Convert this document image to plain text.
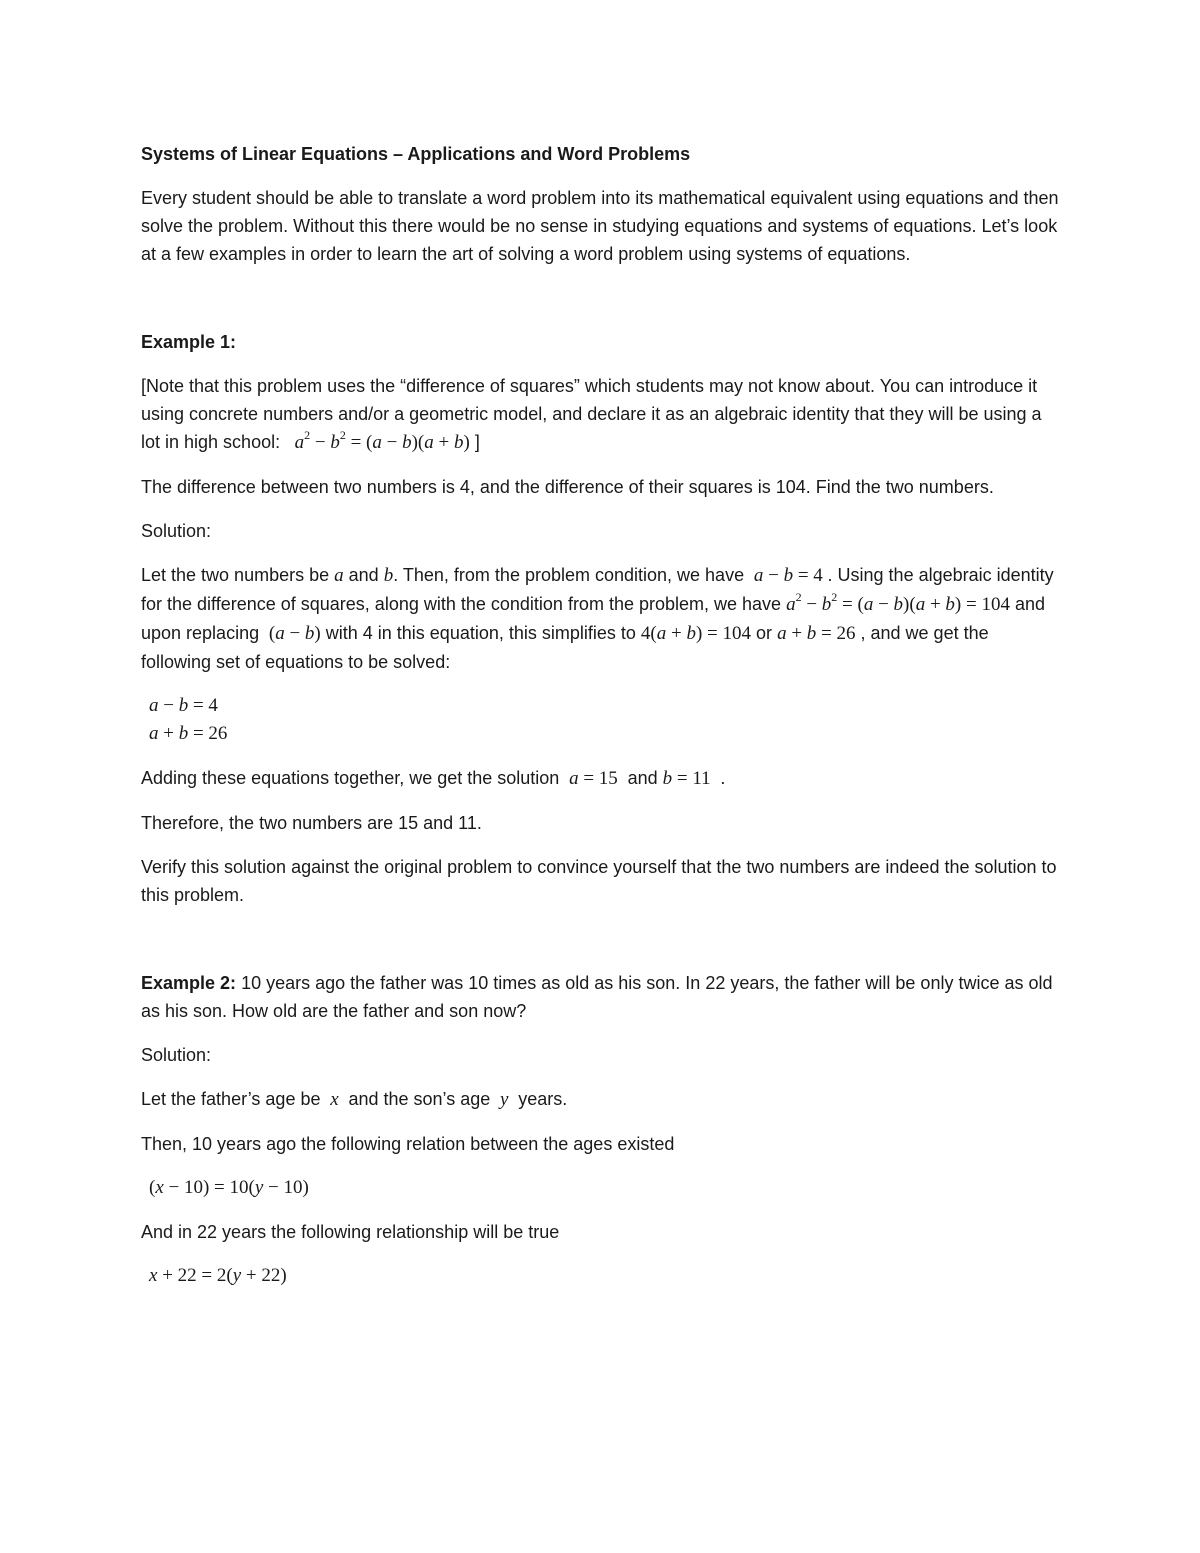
Systems of Linear Equations – Applications and Word Problems

Every student should be able to translate a word problem into its mathematical equivalent using equations and then solve the problem. Without this there would be no sense in studying equations and systems of equations. Let’s look at a few examples in order to learn the art of solving a word problem using systems of equations.

Example 1:

[Note that this problem uses the “difference of squares” which students may not know about. You can introduce it using concrete numbers and/or a geometric model, and declare it as an algebraic identity that they will be using a lot in high school: $a^2 - b^2 = (a - b)(a + b)$ ]

The difference between two numbers is 4, and the difference of their squares is 104. Find the two numbers.

Solution:

Let the two numbers be a and b. Then, from the problem condition, we have a − b = 4 . Using the algebraic identity for the difference of squares, along with the condition from the problem, we have $a^2 - b^2 = (a - b)(a + b) = 104$ and upon replacing  (a − b) with 4 in this equation, this simplifies to 4(a + b) = 104 or a + b = 26 , and we get the following set of equations to be solved:

a − b = 4
a + b = 26

Adding these equations together, we get the solution a = 15  and b = 11  .

Therefore, the two numbers are 15 and 11.

Verify this solution against the original problem to convince yourself that the two numbers are indeed the solution to this problem.

Example 2: 10 years ago the father was 10 times as old as his son. In 22 years, the father will be only twice as old as his son. How old are the father and son now?

Solution:

Let the father’s age be x and the son’s age y years.

Then, 10 years ago the following relation between the ages existed

(x − 10) = 10(y − 10)

And in 22 years the following relationship will be true

x + 22 = 2(y + 22)
